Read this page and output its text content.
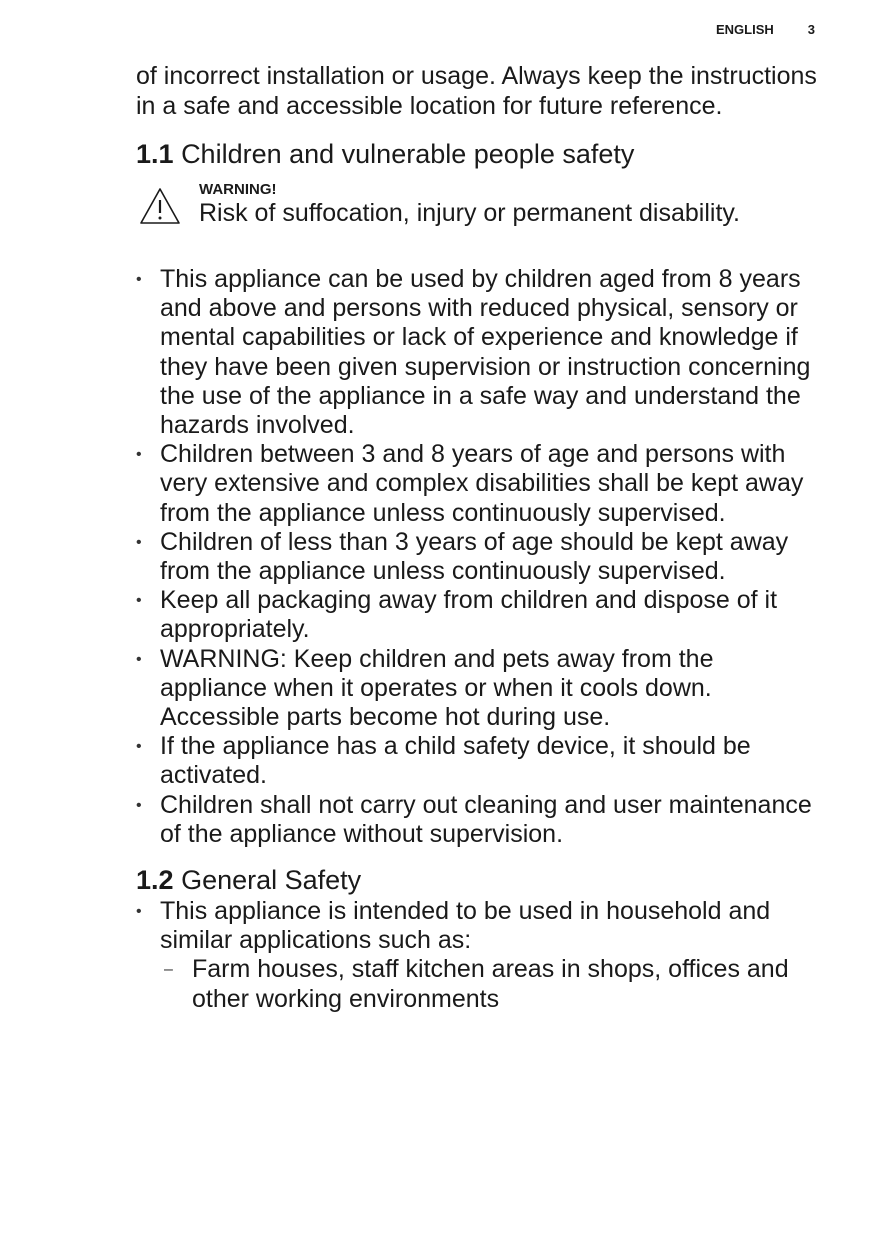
ENGLISH	3

of incorrect installation or usage. Always keep the instructions in a safe and accessible location for future reference.

1.1 Children and vulnerable people safety
WARNING!
Risk of suffocation, injury or permanent disability.
• This appliance can be used by children aged from 8 years and above and persons with reduced physical, sensory or mental capabilities or lack of experience and knowledge if they have been given supervision or instruction concerning the use of the appliance in a safe way and understand the hazards involved.
• Children between 3 and 8 years of age and persons with very extensive and complex disabilities shall be kept away from the appliance unless continuously supervised.
• Children of less than 3 years of age should be kept away from the appliance unless continuously supervised.
• Keep all packaging away from children and dispose of it appropriately.
• WARNING: Keep children and pets away from the appliance when it operates or when it cools down. Accessible parts become hot during use.
• If the appliance has a child safety device, it should be activated.
• Children shall not carry out cleaning and user maintenance of the appliance without supervision.
1.2 General Safety
• This appliance is intended to be used in household and similar applications such as:
– Farm houses, staff kitchen areas in shops, offices and other working environments
